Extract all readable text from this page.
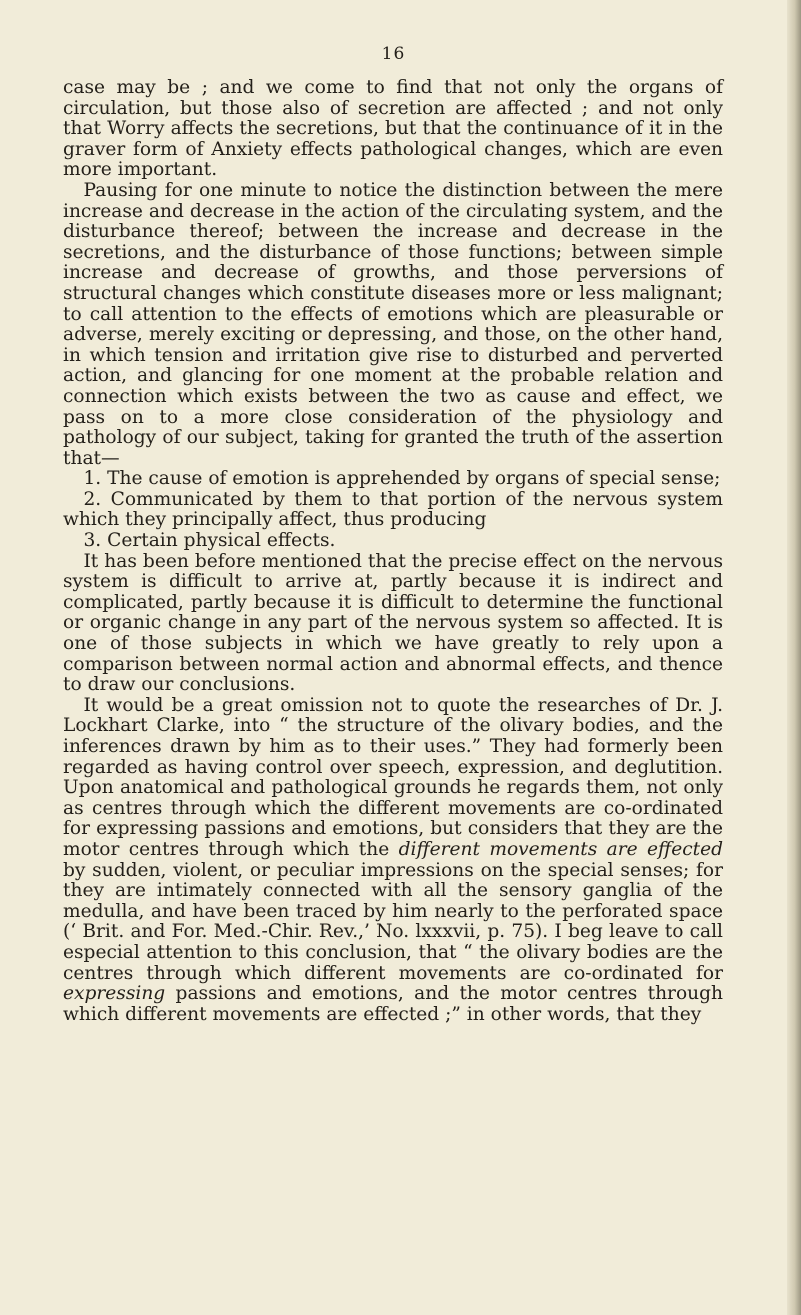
16

case may be ; and we come to find that not only the organs of circulation, but those also of secretion are affected ; and not only that Worry affects the secretions, but that the continuance of it in the graver form of Anxiety effects pathological changes, which are even more important.

Pausing for one minute to notice the distinction between the mere increase and decrease in the action of the circulating system, and the disturbance thereof; between the increase and decrease in the secretions, and the disturbance of those functions; between simple increase and decrease of growths, and those perversions of structural changes which constitute diseases more or less malignant; to call attention to the effects of emotions which are pleasurable or adverse, merely exciting or depressing, and those, on the other hand, in which tension and irritation give rise to disturbed and perverted action, and glancing for one moment at the probable relation and connection which exists between the two as cause and effect, we pass on to a more close consideration of the physiology and pathology of our subject, taking for granted the truth of the assertion that—

1. The cause of emotion is apprehended by organs of special sense;

2. Communicated by them to that portion of the nervous system which they principally affect, thus producing

3. Certain physical effects.

It has been before mentioned that the precise effect on the nervous system is difficult to arrive at, partly because it is indirect and complicated, partly because it is difficult to determine the functional or organic change in any part of the nervous system so affected. It is one of those subjects in which we have greatly to rely upon a comparison between normal action and abnormal effects, and thence to draw our conclusions.

It would be a great omission not to quote the researches of Dr. J. Lockhart Clarke, into “ the structure of the olivary bodies, and the inferences drawn by him as to their uses.” They had formerly been regarded as having control over speech, expression, and deglutition. Upon anatomical and pathological grounds he regards them, not only as centres through which the different movements are co-ordinated for expressing passions and emotions, but considers that they are the motor centres through which the different movements are effected by sudden, violent, or peculiar impressions on the special senses; for they are intimately connected with all the sensory ganglia of the medulla, and have been traced by him nearly to the perforated space (‘ Brit. and For. Med.-Chir. Rev.,’ No. lxxxvii, p. 75). I beg leave to call especial attention to this conclusion, that “ the olivary bodies are the centres through which different movements are co-ordinated for expressing passions and emotions, and the motor centres through which different movements are effected ;” in other words, that they
